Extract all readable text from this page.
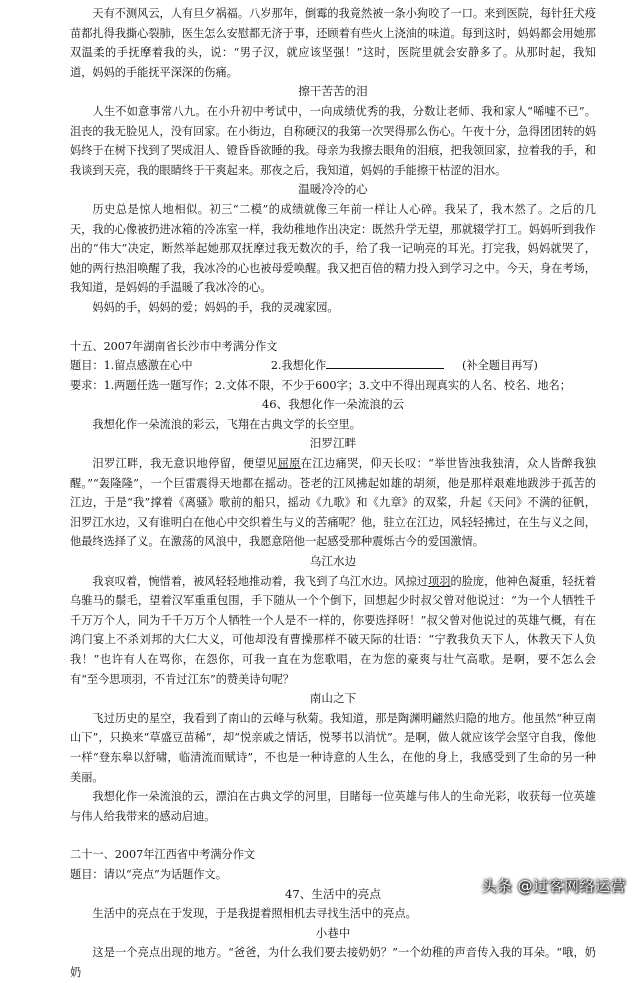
天有不测风云，人有旦夕祸福。八岁那年，倒霉的我竟然被一条小狗咬了一口。来到医院，每针狂犬疫苗都扎得我撕心裂肺，医生怎么安慰都无济于事，还顾着有些火上浇油的味道。每到这时，妈妈都会用她那双温柔的手抚摩着我的头，说：“男子汉，就应该坚强！”这时，医院里就会安静多了。从那时起，我知道，妈妈的手能抚平深深的伤痛。

擦干苦苦的泪

人生不如意事常八九。在小升初中考试中，一向成绩优秀的我，分数让老师、我和家人“唏嘘不已”。沮丧的我无脸见人，没有回家。在小街边，自称硬汉的我第一次哭得那么伤心。午夜十分，急得团团转的妈妈终于在树下找到了哭成泪人、镫昏昏欲睡的我。母亲为我擦去眼角的泪痕，把我领回家，拉着我的手，和我谈到天亮，我的眼睛终于干爽起来。那夜之后，我知道，妈妈的手能擦干枯涩的泪水。

温暖冷冷的心

历史总是惊人地相似。初三“二模”的成绩就像三年前一样让人心碎。我呆了，我木然了。之后的几天，我的心像被扔进冰箱的冷冻室一样，我幼稚地作出决定：既然升学无望，那就辍学打工。妈妈听到我作出的“伟大”决定，断然举起她那双抚摩过我无数次的手，给了我一记响亮的耳光。打完我，妈妈就哭了，她的两行热泪唤醒了我，我冰冷的心也被母爱唤醒。我又把百倍的精力投入到学习之中。今天，身在考场，我知道，是妈妈的手温暖了我冰冷的心。

妈妈的手，妈妈的爱；妈妈的手，我的灵魂家园。

十五、2007年湖南省长沙市中考满分作文

题目：1.留点感激在心中	2.我想化作	(补全题目再写)

要求：1.两题任选一题写作；2.文体不限，不少于600字；3.文中不得出现真实的人名、校名、地名；

46、我想化作一朵流浪的云

我想化作一朵流浪的彩云，飞翔在古典文学的长空里。

汨罗江畔

汨罗江畔，我无意识地停留，便望见屈原在江边痛哭，仰天长叹：“举世皆浊我独清，众人皆醉我独醒。”“轰隆隆”，一个巨雷震得天地都在摇动。苍老的江风拂起如雄的胡须，他是那样艰难地跋涉于孤苦的江边，于是“我”撑着《离骚》歌前的船只，摇动《九歌》和《九章》的双桨，升起《天问》不满的征帆，汨罗江水边，又有谁明白在他心中交织着生与义的苦痛呢？他，驻立在江边，风轻轻拂过，在生与义之间，他最终选择了义。在激荡的风浪中，我愿意陪他一起感受那种震烁古今的爱国激情。

乌江水边

我哀叹着，惋惜着，被风轻轻地推动着，我飞到了乌江水边。风掠过项羽的脸庞，他神色凝重，轻抚着乌骓马的鬃毛，望着汉军重重包围，手下随从一个个倒下，回想起少时叔父曾对他说过：“为一个人牺牲千千万万个人，同为千千万万个人牺牲一个人是不一样的，你要选择呀！”叔父曾对他说过的英雄气概，有在鸿门宴上不杀刘邦的大仁大义，可他却没有曹操那样不破天际的壮语：“宁教我负天下人，休教天下人负我！”也许有人在骂你，在怨你，可我一直在为您歌唱，在为您的豪爽与壮气高歌。是啊，要不怎么会有“至今思项羽，不肯过江东”的赞美诗句呢？

南山之下

飞过历史的星空，我看到了南山的云峰与秋菊。我知道，那是陶渊明翩然归隐的地方。他虽然“种豆南山下”，只换来“草盛豆苗稀”，却“悦亲戚之情话，悦琴书以消忧”。是啊，做人就应该学会坚守自我，像他一样“登东皋以舒啸，临清流而赋诗”，不也是一种诗意的人生么，在他的身上，我感受到了生命的另一种美丽。

我想化作一朵流浪的云，漂泊在古典文学的河里，目睹每一位英雄与伟人的生命光彩，收获每一位英雄与伟人给我带来的感动启迪。

二十一、2007年江西省中考满分作文

题目：请以“亮点”为话题作文。

47、生活中的亮点

生活中的亮点在于发现，于是我提着照相机去寻找生活中的亮点。

小巷中

这是一个亮点出现的地方。“爸爸，为什么我们要去接奶奶？”一个幼稚的声音传入我的耳朵。“哦，奶奶

头条 @过客网络运营
